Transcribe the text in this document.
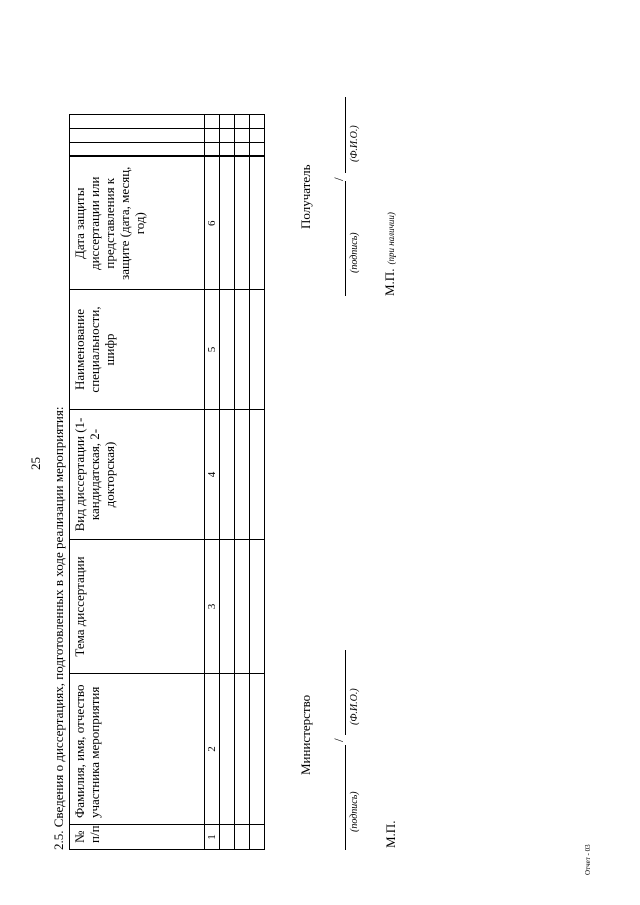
25 2.5. Сведения о диссертациях, подготовленных в ходе реализации мероприятия: № п/п	Фамилия, имя, отчество участника мероприятия	Тема диссертации	Вид диссертации (1-кандидатская, 2-докторская)	Наименование специальности, шифр	Дата защиты диссертации или представления к защите (дата, месяц, год)			
1	2	3	4	5	6			

Министерство
(подпись)
/
(Ф.И.О.)
М.П.
Получатель
(подпись)
/
(Ф.И.О.)
М.П. (при наличии)
Отчет - 03
